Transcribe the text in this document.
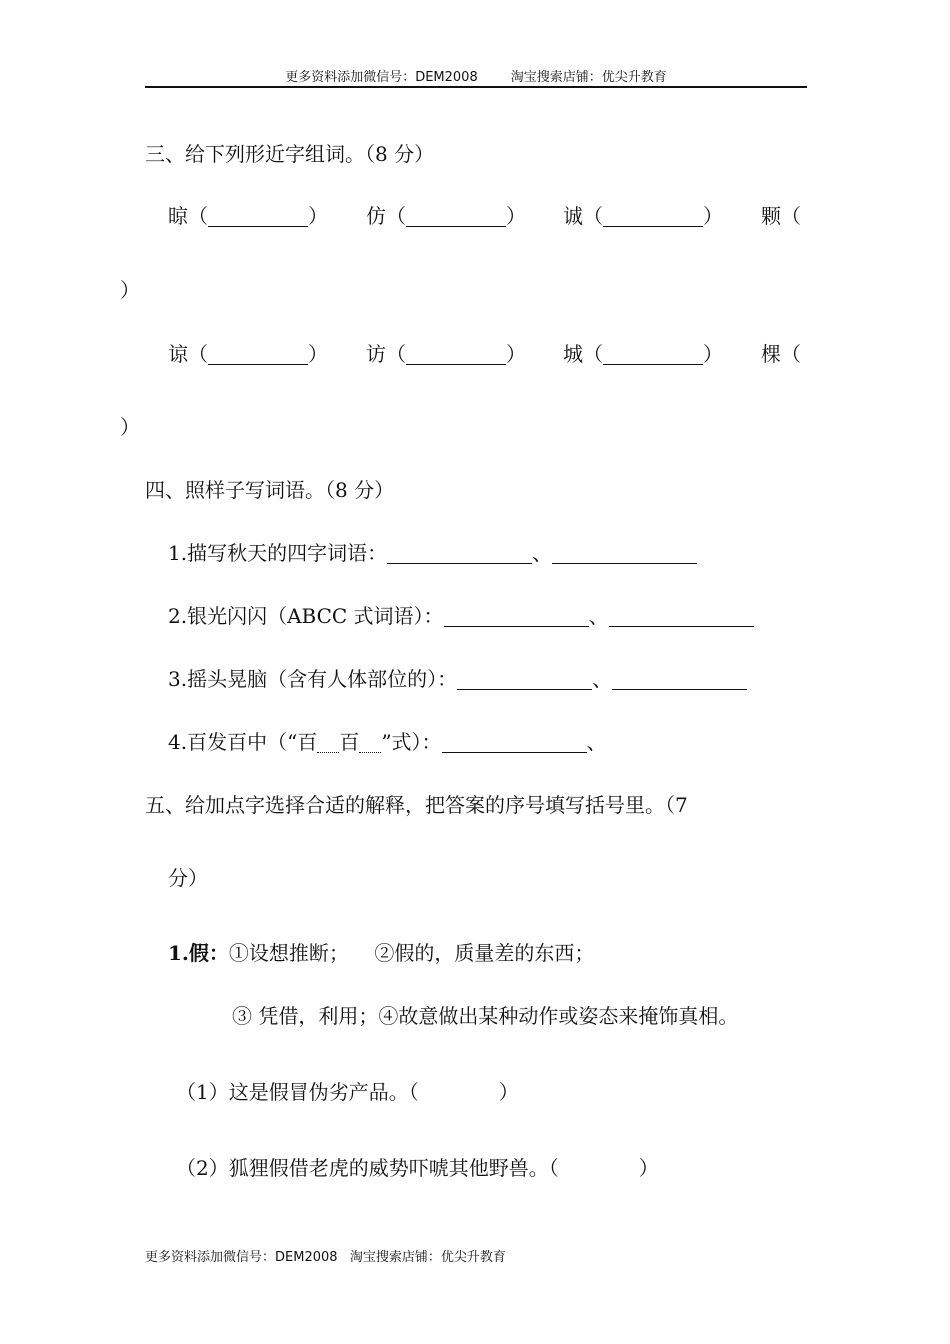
更多资料添加微信号：DEM2008	淘宝搜索店铺：优尖升教育
三、给下列形近字组词。（8 分）
晾（	） 仿（	） 诚（	） 颗（
）
谅（	） 访（	） 城（	） 棵（
）
四、照样子写词语。（8 分）
1.描写秋天的四字词语：	、
2.银光闪闪（ABCC 式词语）：	、
3.摇头晃脑（含有人体部位的）：	、
4.百发百中（“百 百 ”式）：	、
五、给加点字选择合适的解释，把答案的序号填写括号里。（7
分）
1.假：①设想推断；    ②假的，质量差的东西；
③ 凭借，利用；④故意做出某种动作或姿态来掩饰真相。
（1）这是假冒伪劣产品。（	）
（2）狐狸假借老虎的威势吓唬其他野兽。（	）
更多资料添加微信号：DEM2008   淘宝搜索店铺：优尖升教育
